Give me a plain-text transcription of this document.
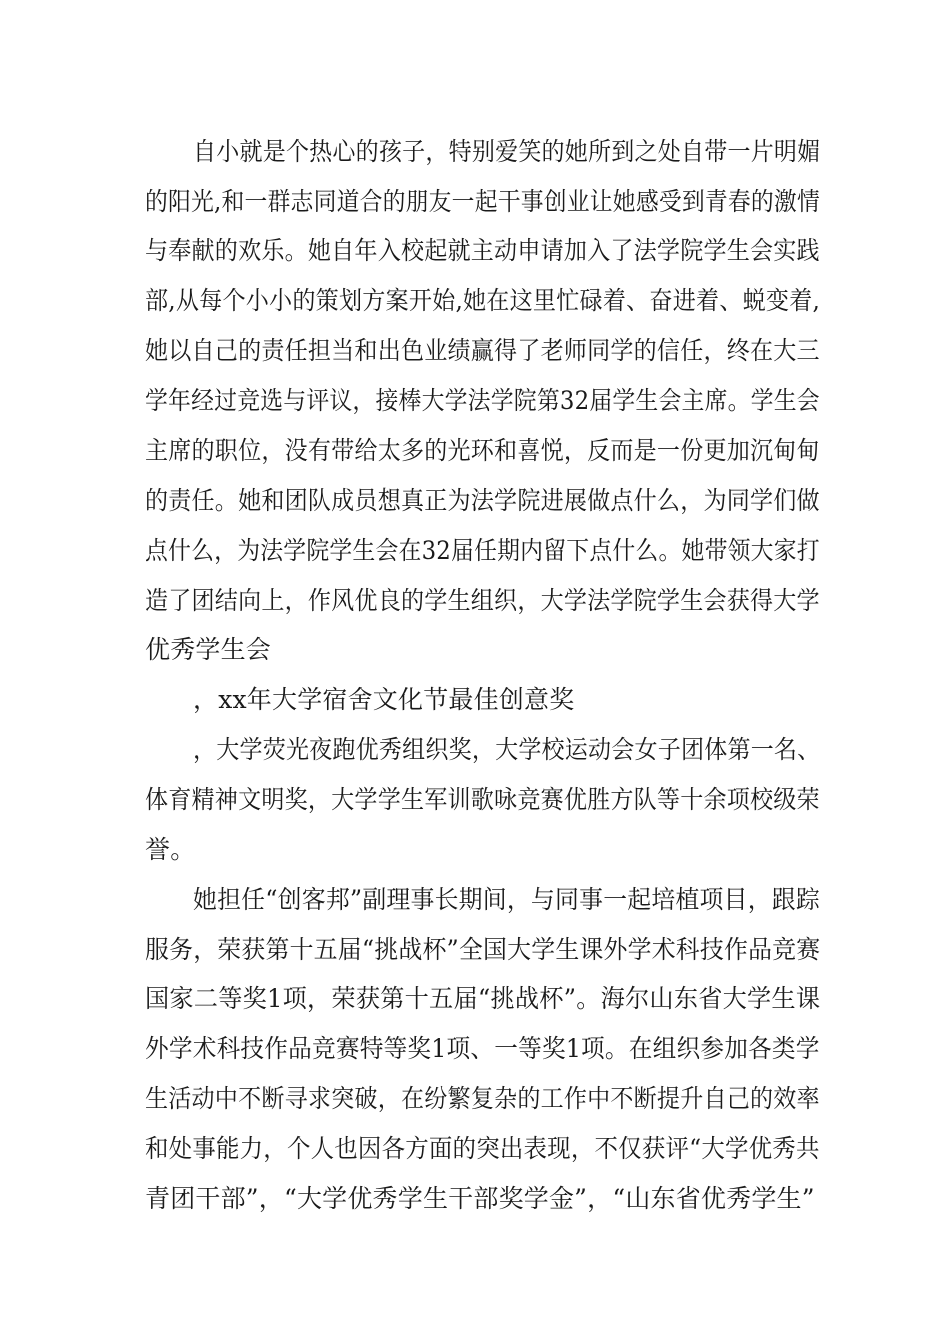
自小就是个热心的孩子，特别爱笑的她所到之处自带一片明媚
的阳光,和一群志同道合的朋友一起干事创业让她感受到青春的激情
与奉献的欢乐。她自年入校起就主动申请加入了法学院学生会实践
部,从每个小小的策划方案开始,她在这里忙碌着、奋进着、蜕变着,
她以自己的责任担当和出色业绩赢得了老师同学的信任，终在大三
学年经过竞选与评议，接棒大学法学院第32届学生会主席。学生会
主席的职位，没有带给太多的光环和喜悦，反而是一份更加沉甸甸
的责任。她和团队成员想真正为法学院进展做点什么，为同学们做
点什么，为法学院学生会在32届任期内留下点什么。她带领大家打
造了团结向上，作风优良的学生组织，大学法学院学生会获得大学
优秀学生会
，xx年大学宿舍文化节最佳创意奖
，大学荧光夜跑优秀组织奖，大学校运动会女子团体第一名、
体育精神文明奖，大学学生军训歌咏竞赛优胜方队等十余项校级荣
誉。
她担任“创客邦”副理事长期间，与同事一起培植项目，跟踪
服务，荣获第十五届“挑战杯”全国大学生课外学术科技作品竞赛
国家二等奖1项，荣获第十五届“挑战杯”。海尔山东省大学生课
外学术科技作品竞赛特等奖1项、一等奖1项。在组织参加各类学
生活动中不断寻求突破，在纷繁复杂的工作中不断提升自己的效率
和处事能力，个人也因各方面的突出表现，不仅获评“大学优秀共
青团干部”，“大学优秀学生干部奖学金”，“山东省优秀学生”
